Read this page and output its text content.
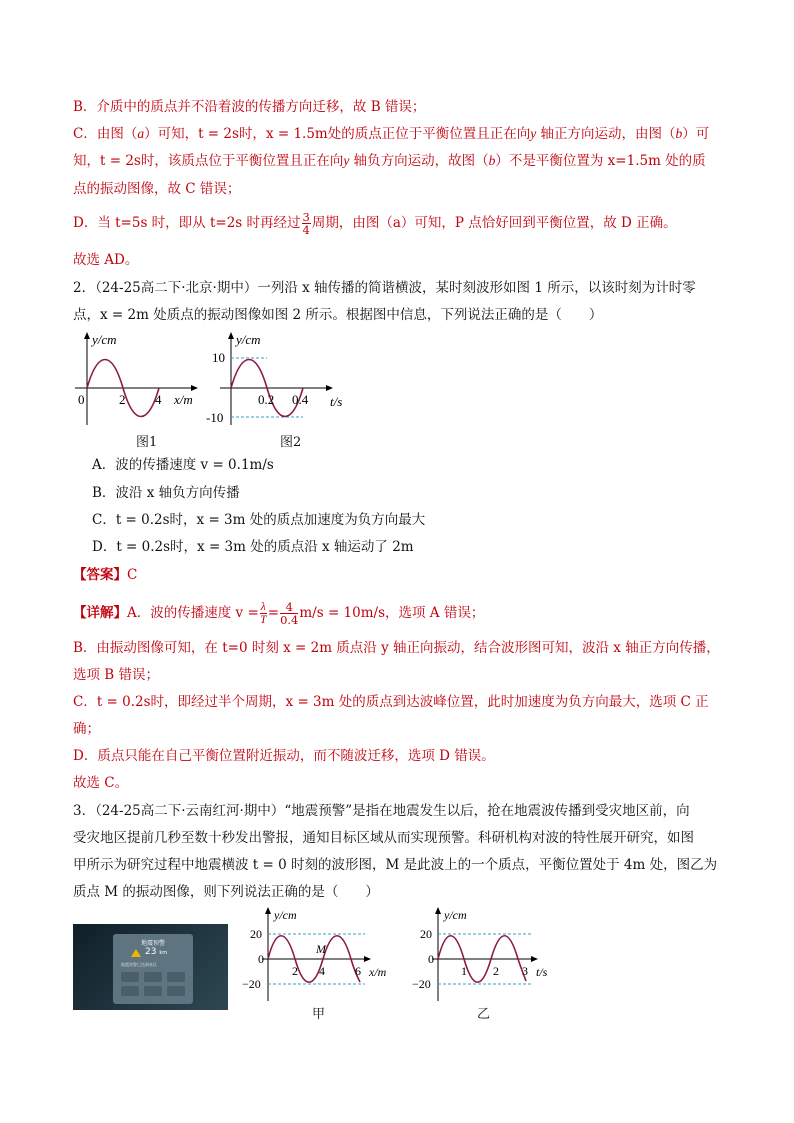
B．介质中的质点并不沿着波的传播方向迁移，故 B 错误；
C．由图（a）可知，t = 2s时，x = 1.5m处的质点正位于平衡位置且正在向y 轴正方向运动，由图（b）可
知，t = 2s时，该质点位于平衡位置且正在向y 轴负方向运动，故图（b）不是平衡位置为 x=1.5m 处的质
点的振动图像，故 C 错误；
D．当 t=5s 时，即从 t=2s 时再经过 $\frac{3}{4}$ 周期，由图（a）可知，P 点恰好回到平衡位置，故 D 正确。
故选 AD。
2．（24-25高二下·北京·期中）一列沿 x 轴传播的简谐横波，某时刻波形如图 1 所示，以该时刻为计时零
点，x = 2m 处质点的振动图像如图 2 所示。根据图中信息，下列说法正确的是（　　）
y/cm
x/m
0	2 4
图1
y/cm
t/s
10
-10
0.2 0.4
图2
A．波的传播速度 v = 0.1m/s
B．波沿 x 轴负方向传播
C．t = 0.2s时，x = 3m 处的质点加速度为负方向最大
D．t = 0.2s时，x = 3m 处的质点沿 x 轴运动了 2m
【答案】C
【详解】A．波的传播速度 $v = \frac{\lambda}{T} = \frac{4}{0.4} m/s = 10m/s$，选项 A 错误；
B．由振动图像可知，在 t=0 时刻 x = 2m 质点沿 y 轴正向振动，结合波形图可知，波沿 x 轴正方向传播，
选项 B 错误；
C．t = 0.2s时，即经过半个周期，x = 3m 处的质点到达波峰位置，此时加速度为负方向最大，选项 C 正
确；
D．质点只能在自己平衡位置附近振动，而不随波迁移，选项 D 错误。
故选 C。
3．（24-25高二下·云南红河·期中）“地震预警”是指在地震发生以后，抢在地震波传播到受灾地区前，向
受灾地区提前几秒至数十秒发出警报，通知目标区域从而实现预警。科研机构对波的特性展开研究，如图
甲所示为研究过程中地震横波 t = 0 时刻的波形图，M 是此波上的一个质点，平衡位置处于 4m 处，图乙为
质点 M 的振动图像，则下列说法正确的是（　　）
地震预警
23 km
地震预警已达到本区
y/cm
x/m
20
−20
0
2 4	6
M
甲
y/cm
t/s
20
−20
0
1 2 3
乙
